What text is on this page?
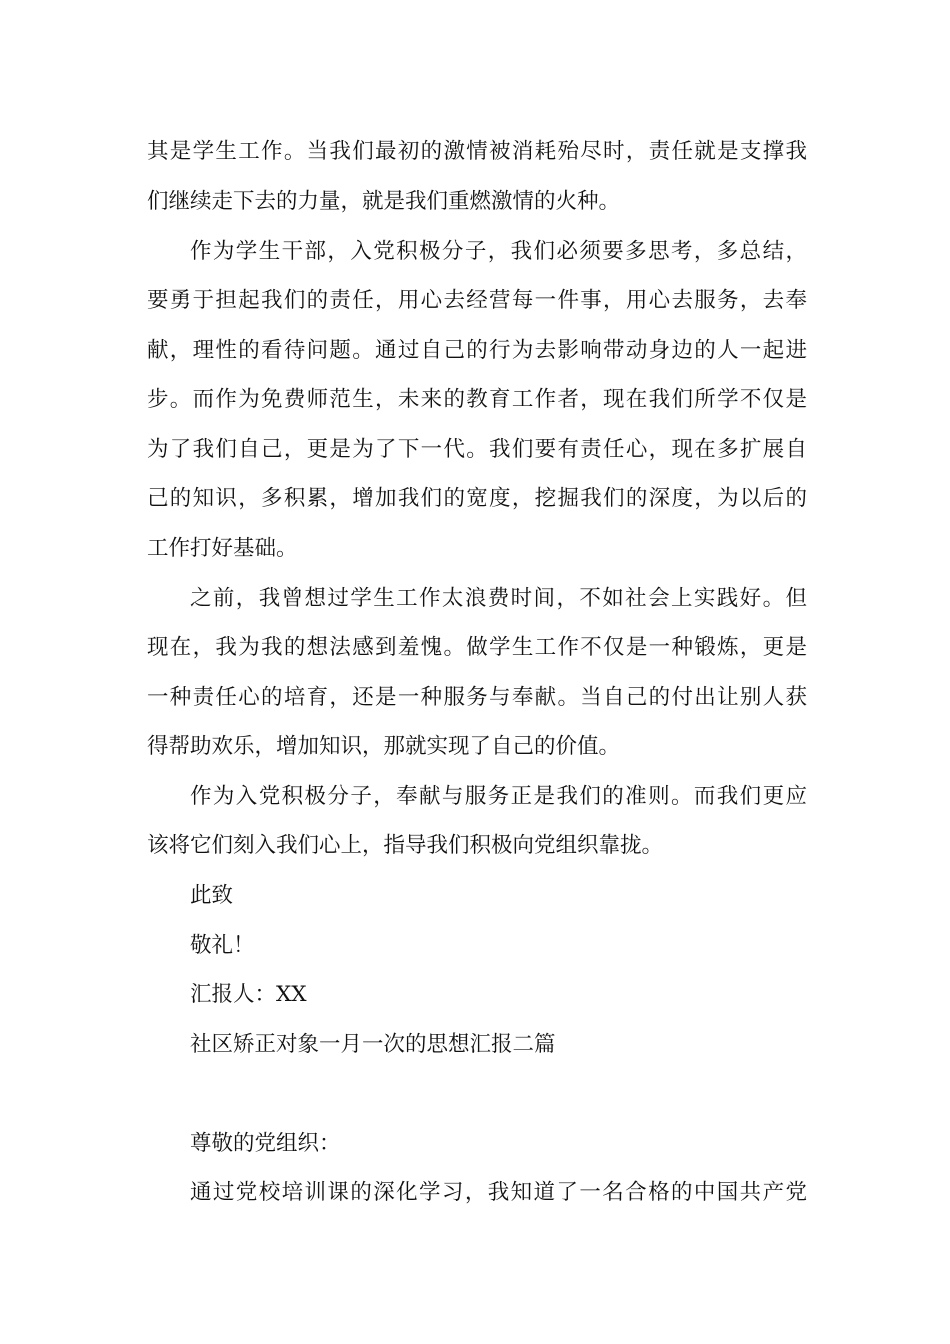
其是学生工作。当我们最初的激情被消耗殆尽时，责任就是支撑我
们继续走下去的力量，就是我们重燃激情的火种。
作为学生干部，入党积极分子，我们必须要多思考，多总结，
要勇于担起我们的责任，用心去经营每一件事，用心去服务，去奉
献，理性的看待问题。通过自己的行为去影响带动身边的人一起进
步。而作为免费师范生，未来的教育工作者，现在我们所学不仅是
为了我们自己，更是为了下一代。我们要有责任心，现在多扩展自
己的知识，多积累，增加我们的宽度，挖掘我们的深度，为以后的
工作打好基础。
之前，我曾想过学生工作太浪费时间，不如社会上实践好。但
现在，我为我的想法感到羞愧。做学生工作不仅是一种锻炼，更是
一种责任心的培育，还是一种服务与奉献。当自己的付出让别人获
得帮助欢乐，增加知识，那就实现了自己的价值。
作为入党积极分子，奉献与服务正是我们的准则。而我们更应
该将它们刻入我们心上，指导我们积极向党组织靠拢。
此致
敬礼！
汇报人：XX
社区矫正对象一月一次的思想汇报二篇
尊敬的党组织：
通过党校培训课的深化学习，我知道了一名合格的中国共产党
